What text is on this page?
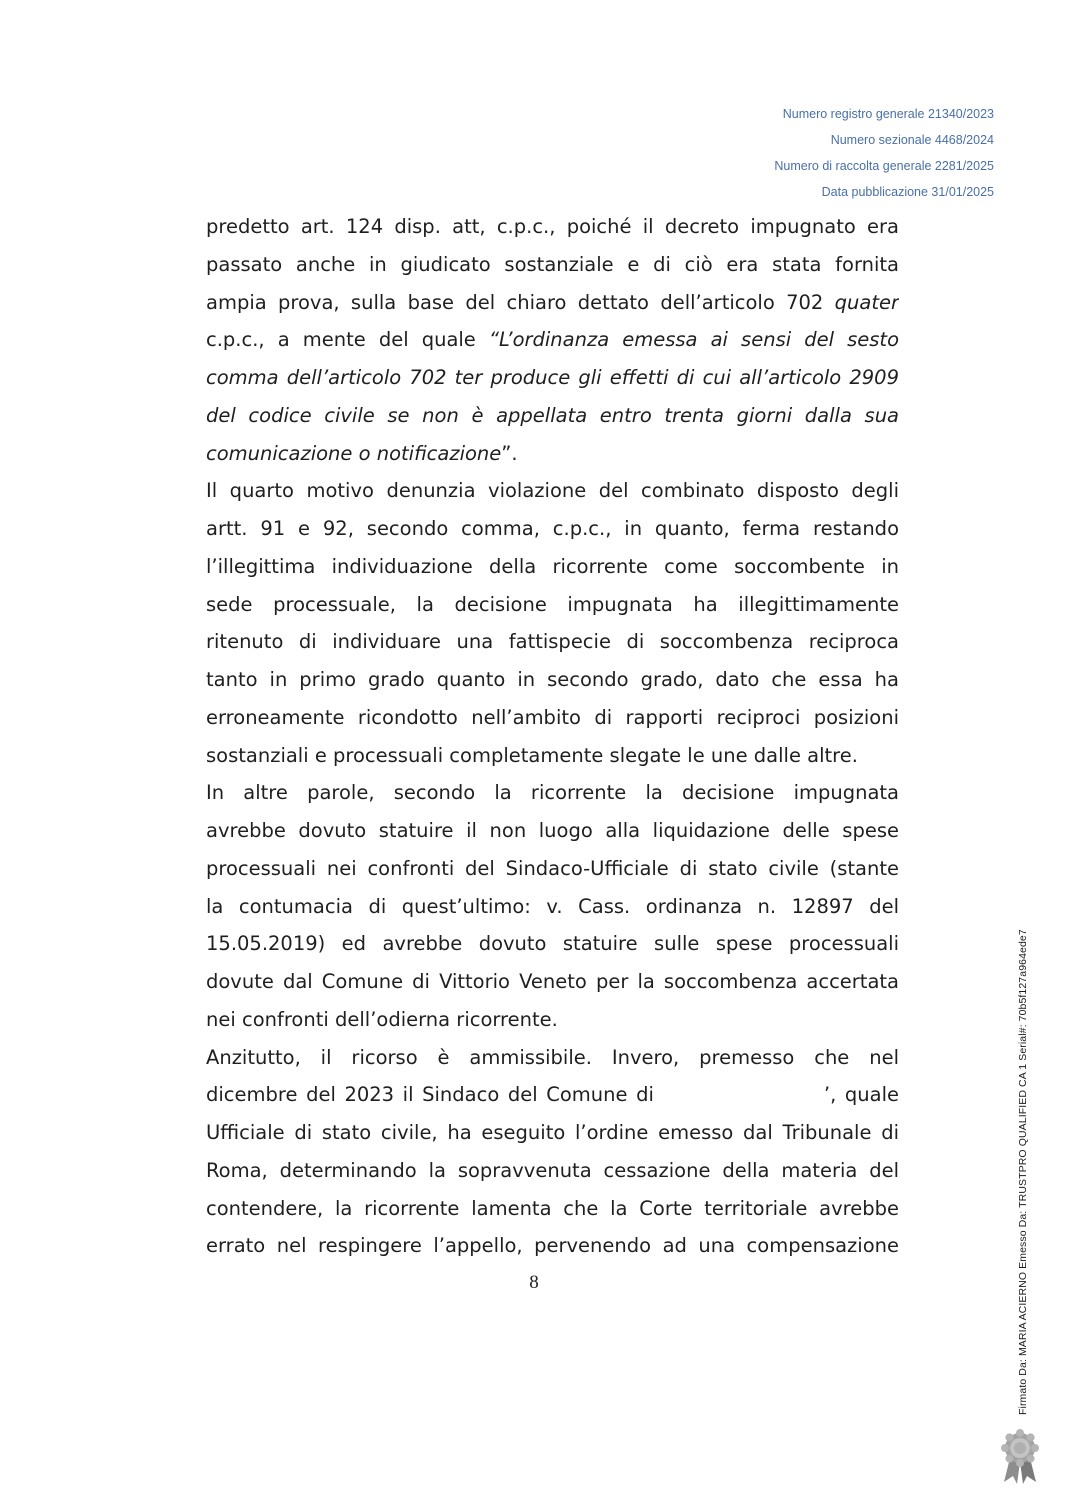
Numero registro generale 21340/2023
Numero sezionale 4468/2024
Numero di raccolta generale 2281/2025
Data pubblicazione 31/01/2025
predetto art. 124 disp. att, c.p.c., poiché il decreto impugnato era
passato anche in giudicato sostanziale e di ciò era stata fornita
ampia prova, sulla base del chiaro dettato dell’articolo 702 quater
c.p.c., a mente del quale “L’ordinanza emessa ai sensi del sesto
comma dell’articolo 702 ter produce gli effetti di cui all’articolo 2909
del codice civile se non è appellata entro trenta giorni dalla sua
comunicazione o notificazione”.
Il quarto motivo denunzia violazione del combinato disposto degli
artt. 91 e 92, secondo comma, c.p.c., in quanto, ferma restando
l’illegittima individuazione della ricorrente come soccombente in
sede processuale, la decisione impugnata ha illegittimamente
ritenuto di individuare una fattispecie di soccombenza reciproca
tanto in primo grado quanto in secondo grado, dato che essa ha
erroneamente ricondotto nell’ambito di rapporti reciproci posizioni
sostanziali e processuali completamente slegate le une dalle altre.
In altre parole, secondo la ricorrente la decisione impugnata
avrebbe dovuto statuire il non luogo alla liquidazione delle spese
processuali nei confronti del Sindaco-Ufficiale di stato civile (stante
la contumacia di quest’ultimo: v. Cass. ordinanza n. 12897 del
15.05.2019) ed avrebbe dovuto statuire sulle spese processuali
dovute dal Comune di Vittorio Veneto per la soccombenza accertata
nei confronti dell’odierna ricorrente.
Anzitutto, il ricorso è ammissibile. Invero, premesso che nel
dicembre del 2023 il Sindaco del Comune di	’, quale
Ufficiale di stato civile, ha eseguito l’ordine emesso dal Tribunale di
Roma, determinando la sopravvenuta cessazione della materia del
contendere, la ricorrente lamenta che la Corte territoriale avrebbe
errato nel respingere l’appello, pervenendo ad una compensazione
8	Firmato Da: MARIA ACIERNO Emesso Da: TRUSTPRO QUALIFIED CA 1 Serial#: 70b5f127a964ede7
